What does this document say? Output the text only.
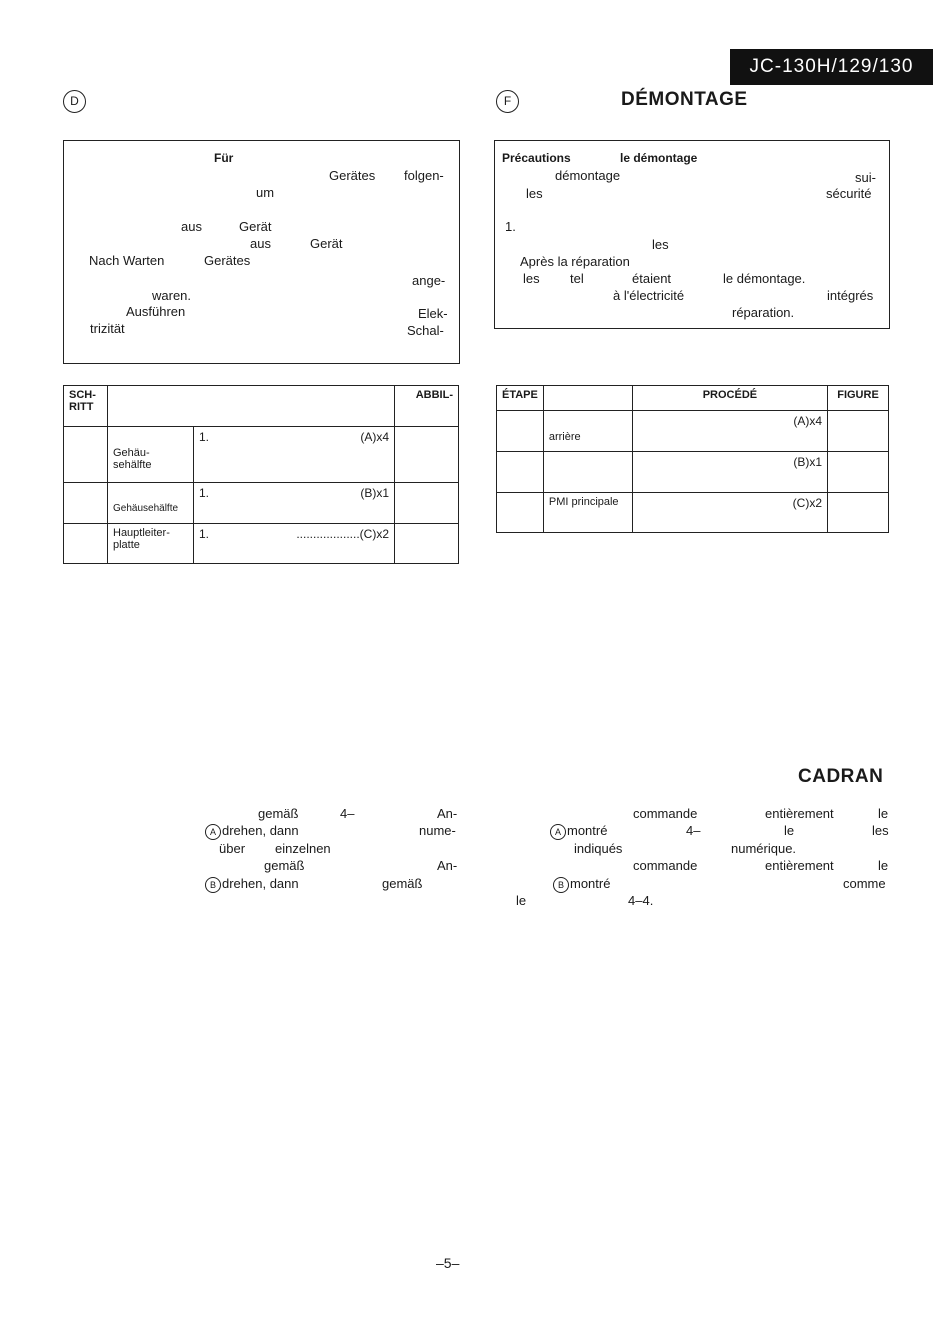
JC-130H/129/130
D	F	DÉMONTAGE
Für
Gerätes folgen-
um
aus	Gerät
aus	Gerät
Nach Warten	Gerätes
ange-
waren.
Ausführen	Elek-
trizität	Schal-
Précautions	le démontage
démontage	sui-
les	sécurité
1.
les
Après la réparation
les tel	étaient	le démontage.
à l'électricité	intégrés
réparation.
SCH-RITT			ABBIL-
	Gehäu-sehälfte	1. (A)x4	

	Gehäusehälfte	1. (B)x1	

	Hauptleiter-platte	1. ...................(C)x2	

ÉTAPE		PROCÉDÉ	FIGURE
	arrière	(A)x4	
		(B)x1	
	PMI principale	(C)x2	
CADRAN
gemäß	4–	An-
A drehen, dann	nume-
über einzelnen
gemäß	An-
B drehen, dann	gemäß
commande	entièrement	le
A montré	4–	le	les
indiqués	numérique.
commande	entièrement	le
B montré	comme
le	4–4.
–5–
